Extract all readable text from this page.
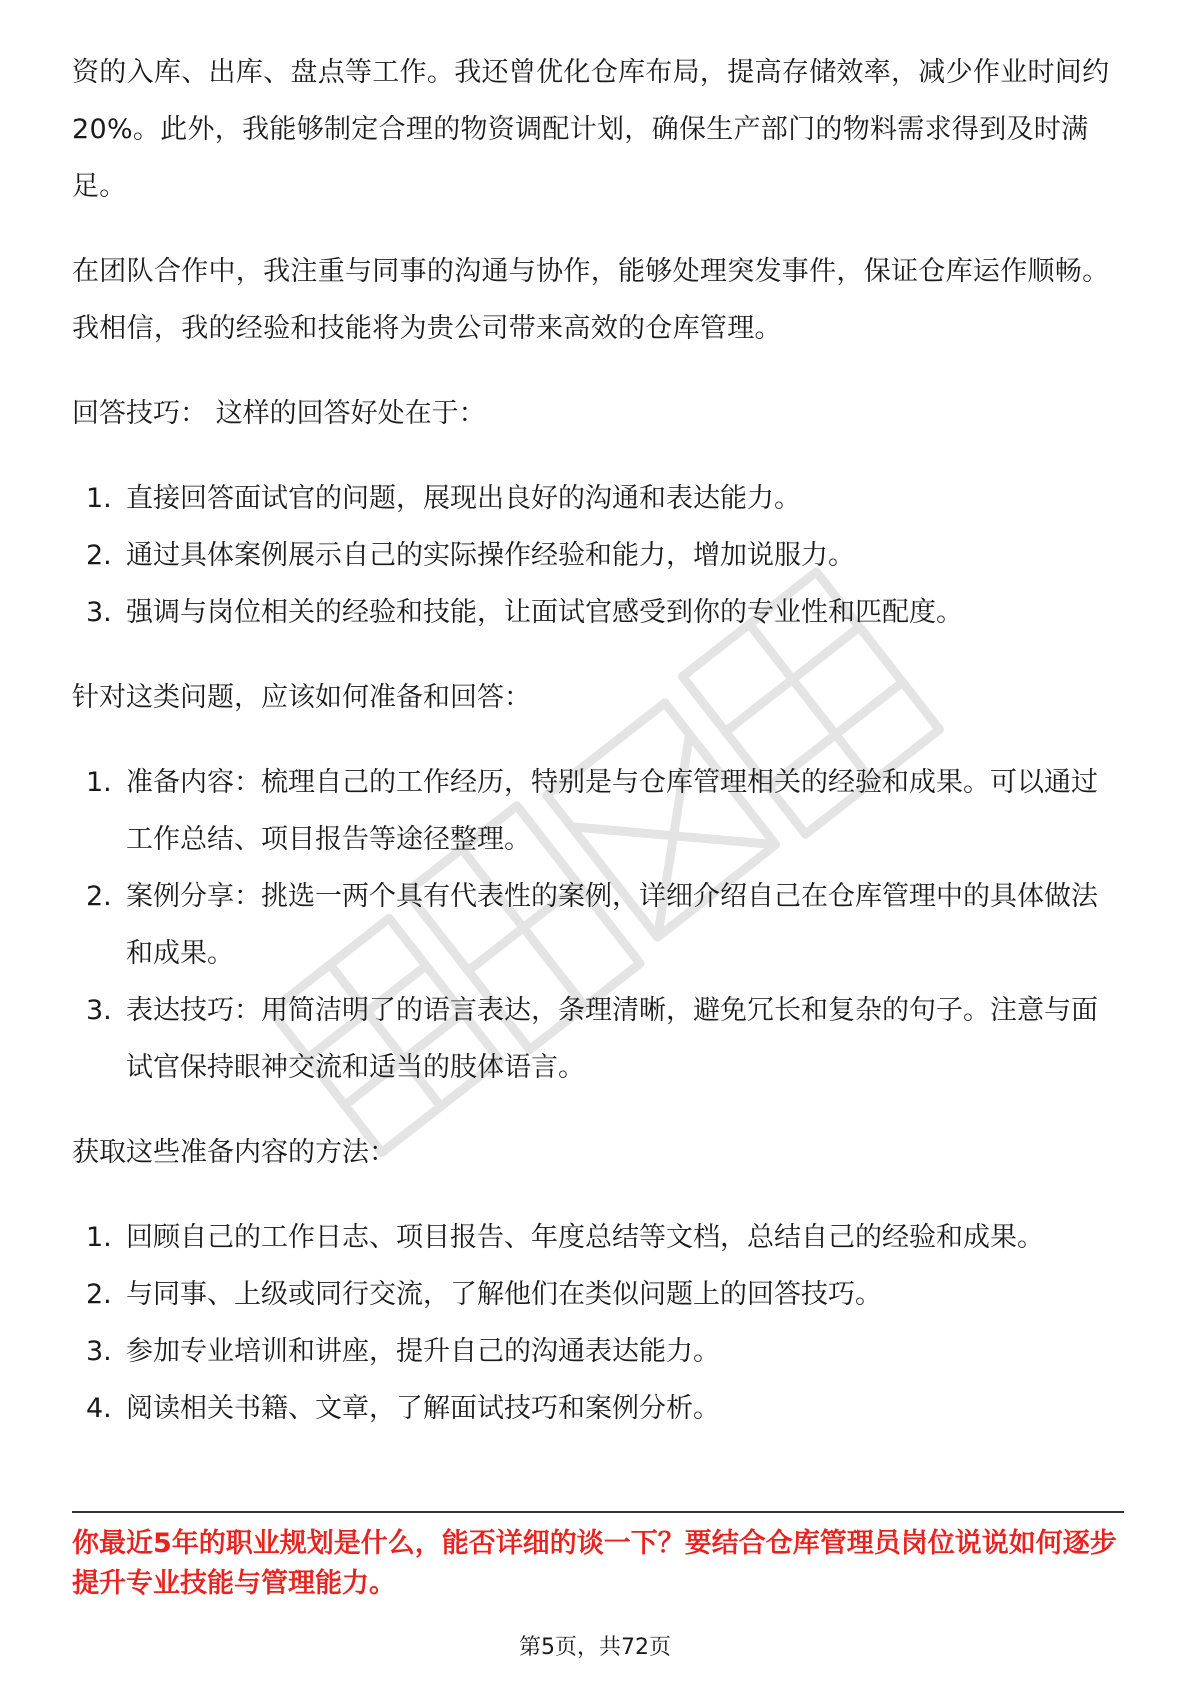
资的入库、出库、盘点等工作。我还曾优化仓库布局，提高存储效率，减少作业时间约20%。此外，我能够制定合理的物资调配计划，确保生产部门的物料需求得到及时满足。

在团队合作中，我注重与同事的沟通与协作，能够处理突发事件，保证仓库运作顺畅。我相信，我的经验和技能将为贵公司带来高效的仓库管理。

回答技巧： 这样的回答好处在于：

1. 直接回答面试官的问题，展现出良好的沟通和表达能力。
2. 通过具体案例展示自己的实际操作经验和能力，增加说服力。
3. 强调与岗位相关的经验和技能，让面试官感受到你的专业性和匹配度。

针对这类问题，应该如何准备和回答：

1. 准备内容：梳理自己的工作经历，特别是与仓库管理相关的经验和成果。可以通过工作总结、项目报告等途径整理。
2. 案例分享：挑选一两个具有代表性的案例，详细介绍自己在仓库管理中的具体做法和成果。
3. 表达技巧：用简洁明了的语言表达，条理清晰，避免冗长和复杂的句子。注意与面试官保持眼神交流和适当的肢体语言。

获取这些准备内容的方法：

1. 回顾自己的工作日志、项目报告、年度总结等文档，总结自己的经验和成果。
2. 与同事、上级或同行交流，了解他们在类似问题上的回答技巧。
3. 参加专业培训和讲座，提升自己的沟通表达能力。
4. 阅读相关书籍、文章，了解面试技巧和案例分析。
你最近5年的职业规划是什么，能否详细的谈一下？要结合仓库管理员岗位说说如何逐步提升专业技能与管理能力。
第5页，共72页
